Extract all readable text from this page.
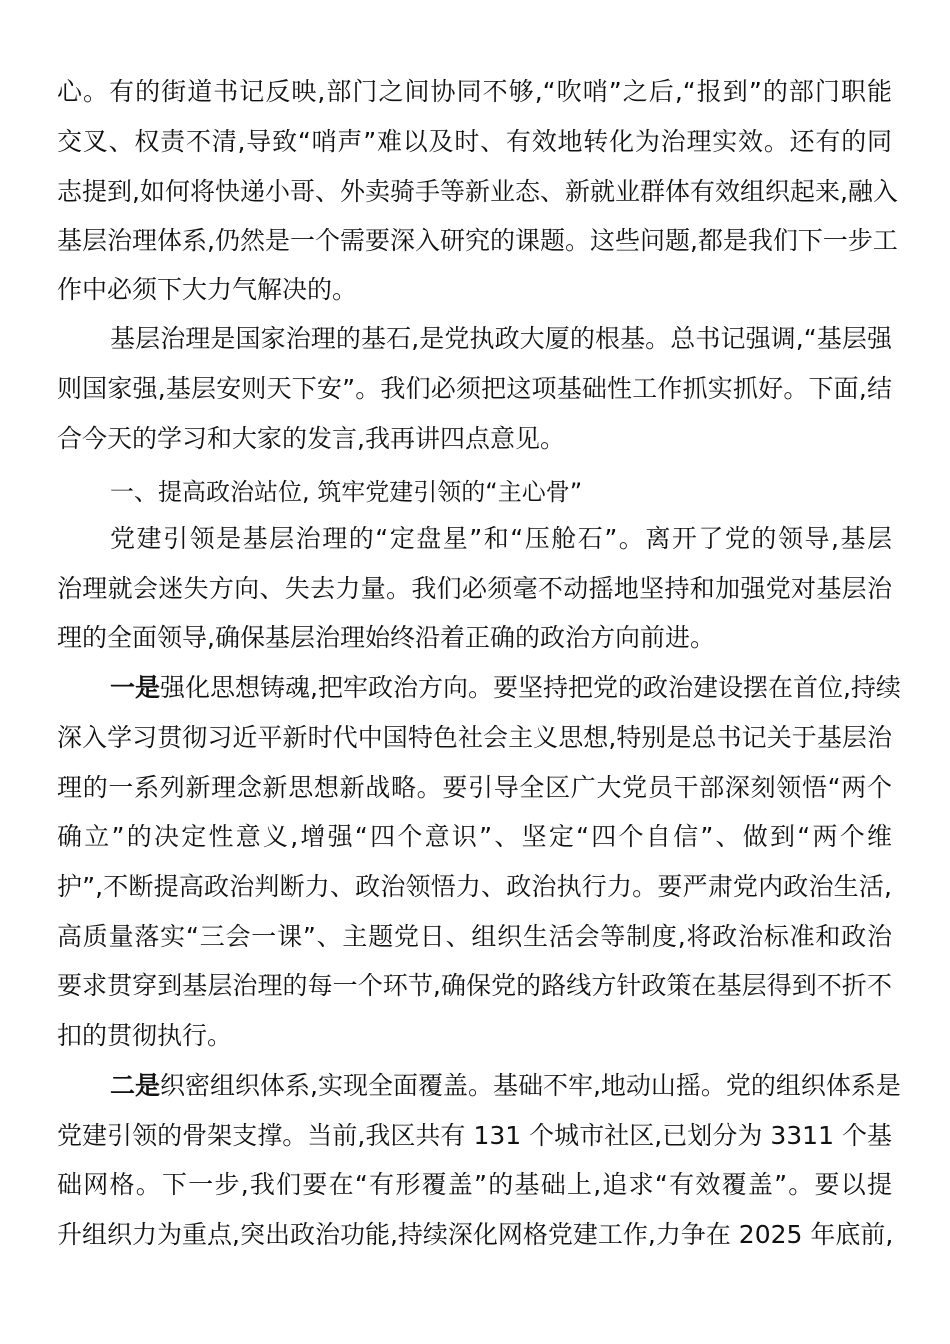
心。有的街道书记反映,部门之间协同不够,“吹哨”之后,“报到”的部门职能
交叉、权责不清,导致“哨声”难以及时、有效地转化为治理实效。还有的同
志提到,如何将快递小哥、外卖骑手等新业态、新就业群体有效组织起来,融入
基层治理体系,仍然是一个需要深入研究的课题。这些问题,都是我们下一步工
作中必须下大力气解决的。
基层治理是国家治理的基石,是党执政大厦的根基。总书记强调,“基层强
则国家强,基层安则天下安”。我们必须把这项基础性工作抓实抓好。下面,结
合今天的学习和大家的发言,我再讲四点意见。
一、提高政治站位, 筑牢党建引领的“主心骨”
党建引领是基层治理的“定盘星”和“压舱石”。离开了党的领导,基层
治理就会迷失方向、失去力量。我们必须毫不动摇地坚持和加强党对基层治
理的全面领导,确保基层治理始终沿着正确的政治方向前进。
一是强化思想铸魂,把牢政治方向。要坚持把党的政治建设摆在首位,持续
深入学习贯彻习近平新时代中国特色社会主义思想,特别是总书记关于基层治
理的一系列新理念新思想新战略。要引导全区广大党员干部深刻领悟“两个
确立”的决定性意义,增强“四个意识”、坚定“四个自信”、做到“两个维
护”,不断提高政治判断力、政治领悟力、政治执行力。要严肃党内政治生活,
高质量落实“三会一课”、主题党日、组织生活会等制度,将政治标准和政治
要求贯穿到基层治理的每一个环节,确保党的路线方针政策在基层得到不折不
扣的贯彻执行。
二是织密组织体系,实现全面覆盖。基础不牢,地动山摇。党的组织体系是
党建引领的骨架支撑。当前,我区共有 131 个城市社区,已划分为 3311 个基
础网格。下一步,我们要在“有形覆盖”的基础上,追求“有效覆盖”。要以提
升组织力为重点,突出政治功能,持续深化网格党建工作,力争在 2025 年底前,
